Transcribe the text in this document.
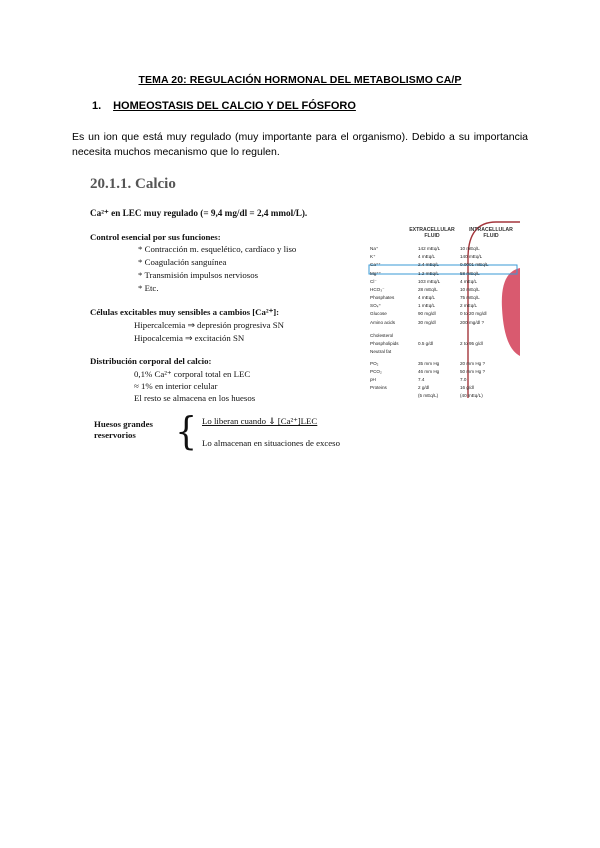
TEMA 20: REGULACIÓN HORMONAL DEL METABOLISMO CA/P
1. HOMEOSTASIS DEL CALCIO Y DEL FÓSFORO
Es un ion que está muy regulado (muy importante para el organismo). Debido a su importancia necesita muchos mecanismo que lo regulen.
20.1.1. Calcio
Ca²⁺ en LEC muy regulado (= 9,4 mg/dl = 2,4 mmol/L).
Control esencial por sus funciones:
* Contracción m. esquelético, cardíaco y liso
* Coagulación sanguínea
* Transmisión impulsos nerviosos
* Etc.
Células excitables muy sensibles a cambios [Ca²⁺]:
Hipercalcemia ⇒ depresión progresiva SN
Hipocalcemia ⇒ excitación SN
Distribución corporal del calcio:
0,1% Ca²⁺ corporal total en LEC
≈ 1% en interior celular
El resto se almacena en los huesos
Huesos grandes reservorios	{ Lo liberan cuando ⇓ [Ca²⁺]LEC
Lo almacenan en situaciones de exceso
EXTRACELLULAR FLUID
INTRACELLULAR FLUID
Na⁺	142 mEq/L	10 mEq/L
K⁺	4 mEq/L	140 mEq/L
Ca⁺⁺	2.4 mEq/L	0.0001 mEq/L
Mg⁺⁺	1.2 mEq/L	58 mEq/L
Cl⁻	103 mEq/L	4 mEq/L
HCO₃⁻	28 mEq/L	10 mEq/L
Phosphates	4 mEq/L	75 mEq/L
SO₄⁼	1 mEq/L	2 mEq/L
Glucose	90 mg/dl	0 to 20 mg/dl
Amino acids	30 mg/dl	200 mg/dl ?
Cholesterol
Phospholipids	0.5 g/dl	2 to 95 g/dl
Neutral fat
PO₂	35 mm Hg	20 mm Hg ?
PCO₂	46 mm Hg	50 mm Hg ?
pH	7.4	7.0
Proteins	2 g/dl	16 g/dl
(5 mEq/L)	(40 mEq/L)
